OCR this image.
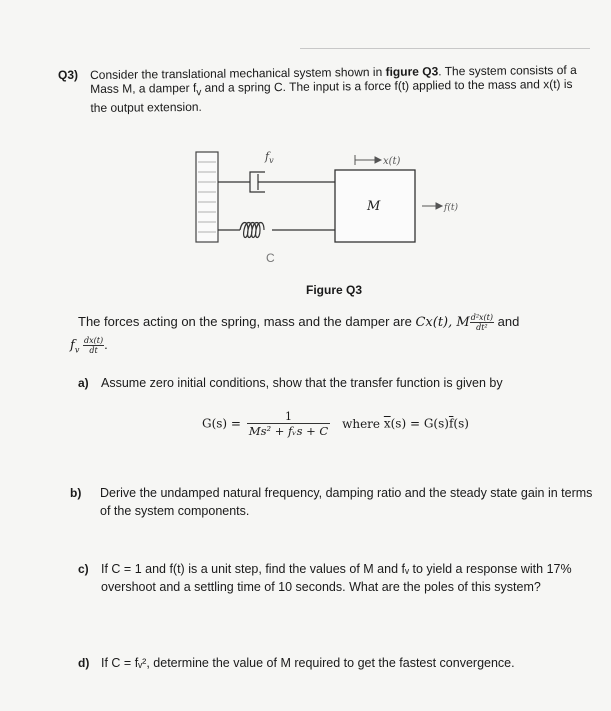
Q3) Consider the translational mechanical system shown in figure Q3. The system consists of a Mass M, a damper $f_v$ and a spring C. The input is a force f(t) applied to the mass and x(t) is the output extension.
$f_v$	x(t)
M	f(t)
C
Figure Q3
The forces acting on the spring, mass and the damper are Cx(t), M $\frac{\text{d²x(t)}}{\text{dt²}}$ and
$f_v \frac{dx(t)}{dt}$ .
a) Assume zero initial conditions, show that the transfer function is given by
G(s) =	1
Ms² + fᵥs + C
where $\overline{x}(s) = G(s)\overline{f}(s)$
b) Derive the undamped natural frequency, damping ratio and the steady state gain in terms of the system components.
c) If C = 1 and f(t) is a unit step, find the values of M and fᵥ to yield a response with 17% overshoot and a settling time of 10 seconds. What are the poles of this system?
d) If C = fᵥ², determine the value of M required to get the fastest convergence.
